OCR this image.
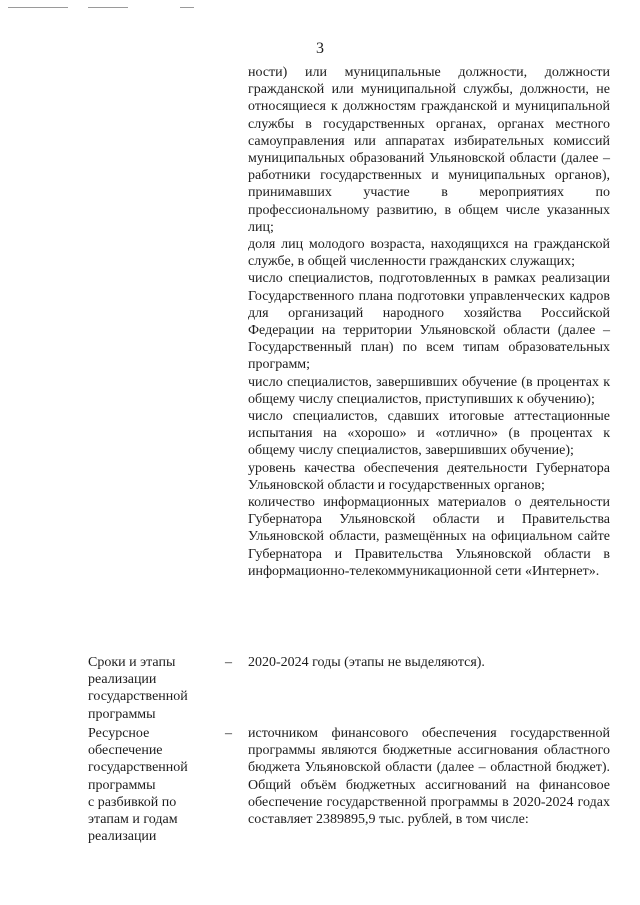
3

ности) или муниципальные должности, должности гражданской или муниципальной службы, должности, не относящиеся к должностям гражданской и муниципальной службы в государственных органах, органах местного самоуправления или аппаратах избирательных комиссий муниципальных образований Ульяновской области (далее – работники государственных и муниципальных органов), принимавших участие в мероприятиях по профессиональному развитию, в общем числе указанных лиц;

доля лиц молодого возраста, находящихся на гражданской службе, в общей численности гражданских служащих;

число специалистов, подготовленных в рамках реализации Государственного плана подготовки управленческих кадров для организаций народного хозяйства Российской Федерации на территории Ульяновской области (далее – Государственный план) по всем типам образовательных программ;

число специалистов, завершивших обучение (в процентах к общему числу специалистов, приступивших к обучению);

число специалистов, сдавших итоговые аттестационные испытания на «хорошо» и «отлично» (в процентах к общему числу специалистов, завершивших обучение);

уровень качества обеспечения деятельности Губернатора Ульяновской области и государственных органов;

количество информационных материалов о деятельности Губернатора Ульяновской области и Правительства Ульяновской области, размещённых на официальном сайте Губернатора и Правительства Ульяновской области в информационно-телекоммуникационной сети «Интернет».

Сроки и этапы
реализации
государственной
программы
–	2020-2024 годы (этапы не выделяются).
Ресурсное
обеспечение
государственной
программы
с разбивкой по
этапам и годам
реализации
–	источником финансового обеспечения государственной программы являются бюджетные ассигнования областного бюджета Ульяновской области (далее – областной бюджет). Общий объём бюджетных ассигнований на финансовое обеспечение государственной программы в 2020-2024 годах составляет 2389895,9 тыс. рублей, в том числе:
